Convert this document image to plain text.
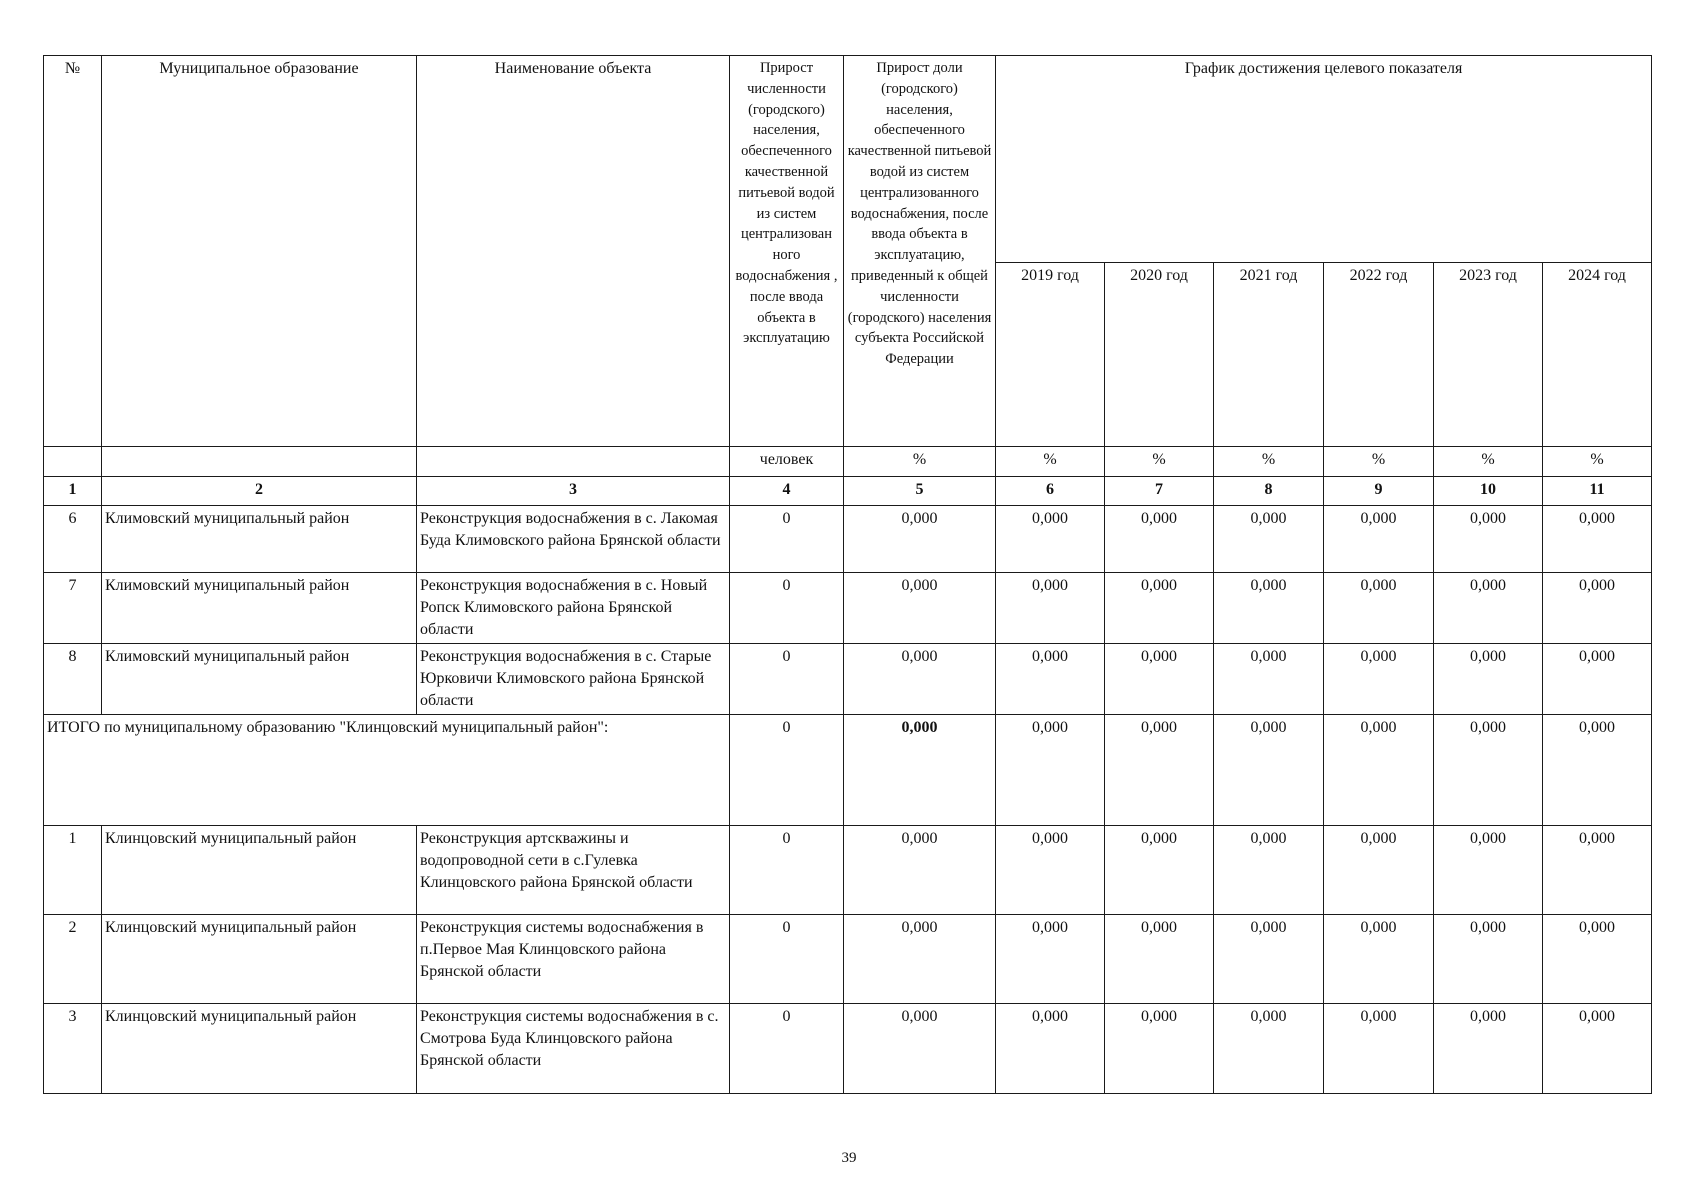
№	Муниципальное образование	Наименование объекта	Прирост численности (городского) населения, обеспеченного качественной питьевой водой из систем централизован ного водоснабжения , после ввода объекта в эксплуатацию	Прирост доли (городского) населения, обеспеченного качественной питьевой водой из систем централизованного водоснабжения, после ввода объекта в эксплуатацию, приведенный к общей численности (городского) населения субъекта Российской Федерации	График достижения целевого показателя					
					2019 год	2020 год	2021 год	2022 год	2023 год	2024 год
			человек	%	%	%	%	%	%	%
1	2	3	4	5	6	7	8	9	10	11
6	Климовский муниципальный район	Реконструкция водоснабжения в с. Лакомая Буда Климовского района Брянской области	0	0,000	0,000	0,000	0,000	0,000	0,000	0,000
7	Климовский муниципальный район	Реконструкция водоснабжения в с. Новый Ропск Климовского района Брянской области	0	0,000	0,000	0,000	0,000	0,000	0,000	0,000
8	Климовский муниципальный район	Реконструкция водоснабжения в с. Старые Юрковичи Климовского района Брянской области	0	0,000	0,000	0,000	0,000	0,000	0,000	0,000
ИТОГО по муниципальному образованию "Клинцовский муниципальный район":			0	0,000	0,000	0,000	0,000	0,000	0,000	0,000
1	Клинцовский муниципальный район	Реконструкция артскважины и водопроводной сети в с.Гулевка Клинцовского района Брянской области	0	0,000	0,000	0,000	0,000	0,000	0,000	0,000
2	Клинцовский муниципальный район	Реконструкция системы водоснабжения в п.Первое Мая Клинцовского района Брянской области	0	0,000	0,000	0,000	0,000	0,000	0,000	0,000
3	Клинцовский муниципальный район	Реконструкция системы водоснабжения в с. Смотрова Буда Клинцовского района Брянской области	0	0,000	0,000	0,000	0,000	0,000	0,000	0,000
39
